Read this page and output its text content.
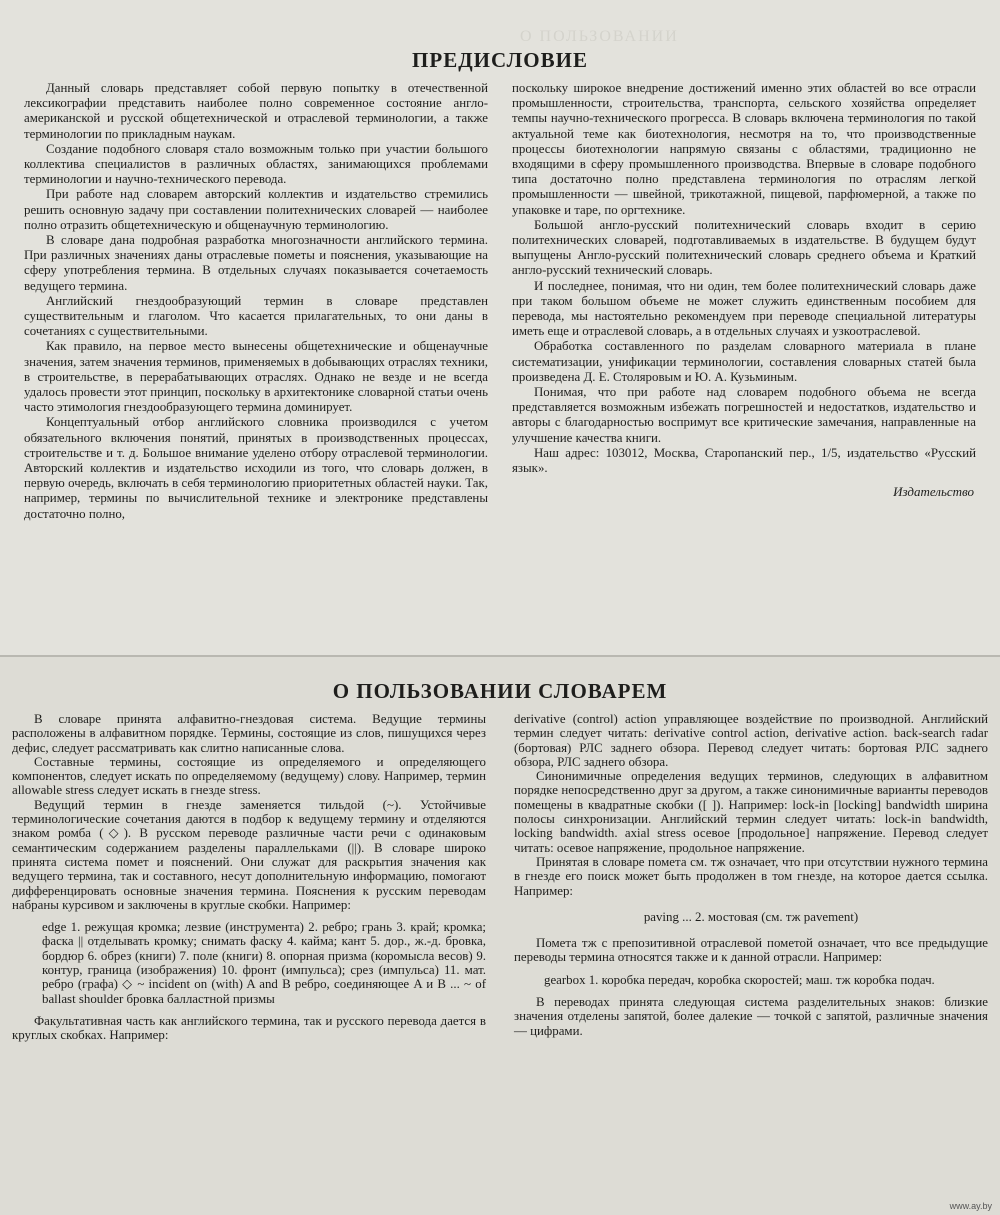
О ПОЛЬЗОВАНИИ
ПРЕДИСЛОВИЕ

Данный словарь представляет собой первую попытку в отечественной лексикографии представить наиболее полно современное состояние англо-американской и русской общетехнической и отраслевой терминологии, а также терминологии по прикладным наукам.

Создание подобного словаря стало возможным только при участии большого коллектива специалистов в различных областях, занимающихся проблемами терминологии и научно-технического перевода.

При работе над словарем авторский коллектив и издательство стремились решить основную задачу при составлении политехнических словарей — наиболее полно отразить общетехническую и общенаучную терминологию.

В словаре дана подробная разработка многозначности английского термина. При различных значениях даны отраслевые пометы и пояснения, указывающие на сферу употребления термина. В отдельных случаях показывается сочетаемость ведущего термина.

Английский гнездообразующий термин в словаре представлен существительным и глаголом. Что касается прилагательных, то они даны в сочетаниях с существительными.

Как правило, на первое место вынесены общетехнические и общенаучные значения, затем значения терминов, применяемых в добывающих отраслях техники, в строительстве, в перерабатывающих отраслях. Однако не везде и не всегда удалось провести этот принцип, поскольку в архитектонике словарной статьи очень часто этимология гнездообразующего термина доминирует.

Концептуальный отбор английского словника производился с учетом обязательного включения понятий, принятых в производственных процессах, строительстве и т. д. Большое внимание уделено отбору отраслевой терминологии. Авторский коллектив и издательство исходили из того, что словарь должен, в первую очередь, включать в себя терминологию приоритетных областей науки. Так, например, термины по вычислительной технике и электронике представлены достаточно полно,

поскольку широкое внедрение достижений именно этих областей во все отрасли промышленности, строительства, транспорта, сельского хозяйства определяет темпы научно-технического прогресса. В словарь включена терминология по такой актуальной теме как биотехнология, несмотря на то, что производственные процессы биотехнологии напрямую связаны с областями, традиционно не входящими в сферу промышленного производства. Впервые в словаре подобного типа достаточно полно представлена терминология по отраслям легкой промышленности — швейной, трикотажной, пищевой, парфюмерной, а также по упаковке и таре, по оргтехнике.

Большой англо-русский политехнический словарь входит в серию политехнических словарей, подготавливаемых в издательстве. В будущем будут выпущены Англо-русский политехнический словарь среднего объема и Краткий англо-русский технический словарь.

И последнее, понимая, что ни один, тем более политехнический словарь даже при таком большом объеме не может служить единственным пособием для перевода, мы настоятельно рекомендуем при переводе специальной литературы иметь еще и отраслевой словарь, а в отдельных случаях и узкоотраслевой.

Обработка составленного по разделам словарного материала в плане систематизации, унификации терминологии, составления словарных статей была произведена Д. Е. Столяровым и Ю. А. Кузьминым.

Понимая, что при работе над словарем подобного объема не всегда представляется возможным избежать погрешностей и недостатков, издательство и авторы с благодарностью воспримут все критические замечания, направленные на улучшение качества книги.

Наш адрес: 103012, Москва, Старопанский пер., 1/5, издательство «Русский язык».

Издательство
О ПОЛЬЗОВАНИИ СЛОВАРЕМ

В словаре принята алфавитно-гнездовая система. Ведущие термины расположены в алфавитном порядке. Термины, состоящие из слов, пишущихся через дефис, следует рассматривать как слитно написанные слова.

Составные термины, состоящие из определяемого и определяющего компонентов, следует искать по определяемому (ведущему) слову. Например, термин allowable stress следует искать в гнезде stress.

Ведущий термин в гнезде заменяется тильдой (~). Устойчивые терминологические сочетания даются в подбор к ведущему термину и отделяются знаком ромба (◇). В русском переводе различные части речи с одинаковым семантическим содержанием разделены параллельками (||). В словаре широко принята система помет и пояснений. Они служат для раскрытия значения как ведущего термина, так и составного, несут дополнительную информацию, помогают дифференцировать основные значения термина. Пояснения к русским переводам набраны курсивом и заключены в круглые скобки. Например:

edge 1. режущая кромка; лезвие (инструмента) 2. ребро; грань 3. край; кромка; фаска || отделывать кромку; снимать фаску 4. кайма; кант 5. дор., ж.-д. бровка, бордюр 6. обрез (книги) 7. поле (книги) 8. опорная призма (коромысла весов) 9. контур, граница (изображения) 10. фронт (импульса); срез (импульса) 11. мат. ребро (графа) ◇ ~ incident on (with) A and B ребро, соединяющее A и B ... ~ of ballast shoulder бровка балластной призмы

Факультативная часть как английского термина, так и русского перевода дается в круглых скобках. Например:

derivative (control) action управляющее воздействие по производной. Английский термин следует читать: derivative control action, derivative action. back-search radar (бортовая) РЛС заднего обзора. Перевод следует читать: бортовая РЛС заднего обзора, РЛС заднего обзора.

Синонимичные определения ведущих терминов, следующих в алфавитном порядке непосредственно друг за другом, а также синонимичные варианты переводов помещены в квадратные скобки ([ ]). Например: lock-in [locking] bandwidth ширина полосы синхронизации. Английский термин следует читать: lock-in bandwidth, locking bandwidth. axial stress осевое [продольное] напряжение. Перевод следует читать: осевое напряжение, продольное напряжение.

Принятая в словаре помета см. тж означает, что при отсутствии нужного термина в гнезде его поиск может быть продолжен в том гнезде, на которое дается ссылка. Например:

paving ... 2. мостовая (см. тж pavement)

Помета тж с препозитивной отраслевой пометой означает, что все предыдущие переводы термина относятся также и к данной отрасли. Например:

gearbox 1. коробка передач, коробка скоростей; маш. тж коробка подач.

В переводах принята следующая система разделительных знаков: близкие значения отделены запятой, более далекие — точкой с запятой, различные значения — цифрами.

www.ay.by
